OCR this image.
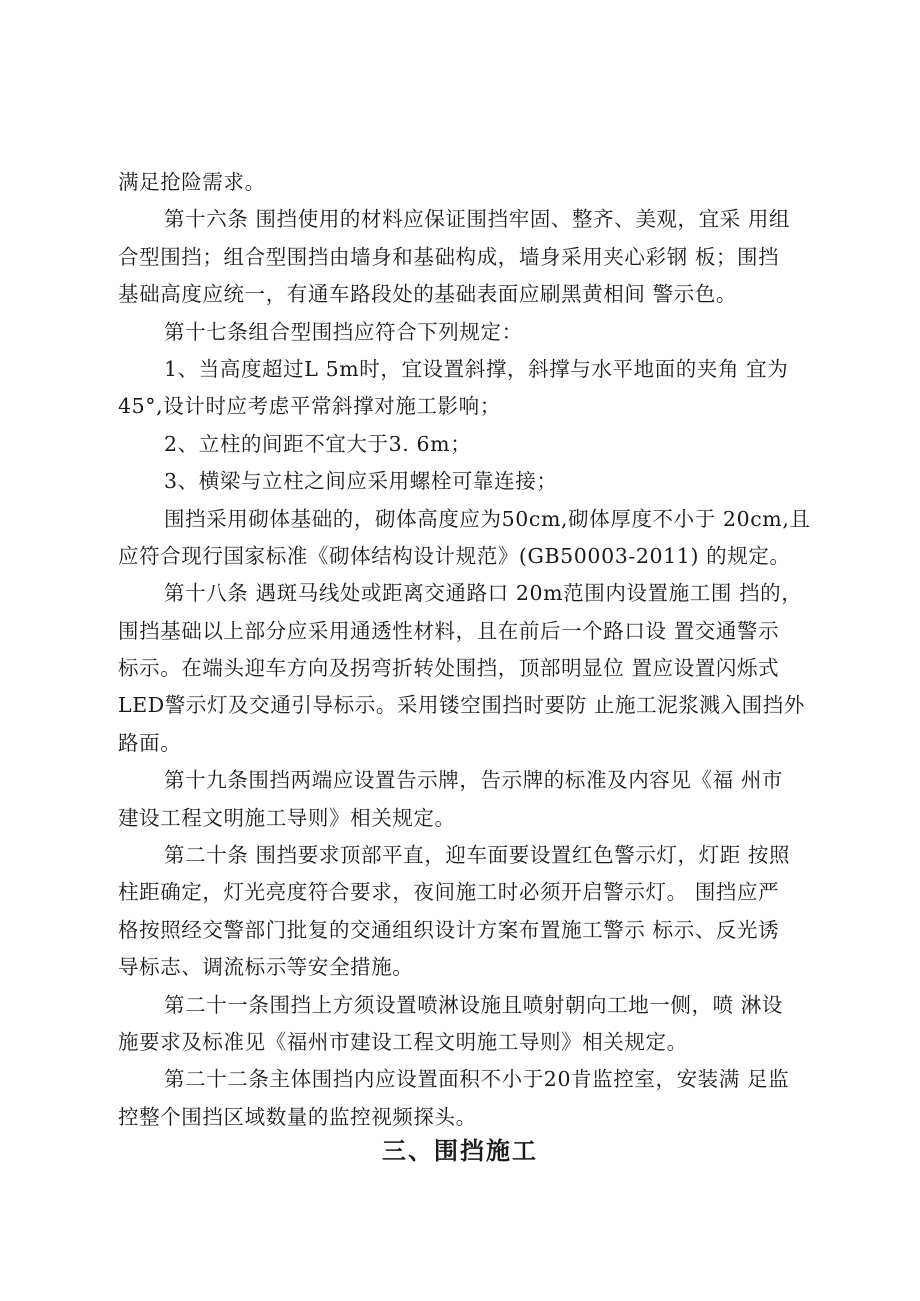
满足抢险需求。
第十六条 围挡使用的材料应保证围挡牢固、整齐、美观，宜采 用组
合型围挡；组合型围挡由墙身和基础构成，墙身采用夹心彩钢 板；围挡
基础高度应统一，有通车路段处的基础表面应刷黑黄相间 警示色。
第十七条组合型围挡应符合下列规定：
1、当高度超过L 5m时，宜设置斜撑，斜撑与水平地面的夹角 宜为
45°,设计时应考虑平常斜撑对施工影响；
2、立柱的间距不宜大于3. 6m；
3、横梁与立柱之间应采用螺栓可靠连接；
围挡采用砌体基础的，砌体高度应为50cm,砌体厚度不小于 20cm,且
应符合现行国家标准《砌体结构设计规范》(GB50003-2011) 的规定。
第十八条 遇斑马线处或距离交通路口 20m范围内设置施工围 挡的，
围挡基础以上部分应采用通透性材料，且在前后一个路口设 置交通警示
标示。在端头迎车方向及拐弯折转处围挡，顶部明显位 置应设置闪烁式
LED警示灯及交通引导标示。采用镂空围挡时要防 止施工泥浆溅入围挡外
路面。
第十九条围挡两端应设置告示牌，告示牌的标准及内容见《福 州市
建设工程文明施工导则》相关规定。
第二十条 围挡要求顶部平直，迎车面要设置红色警示灯，灯距 按照
柱距确定，灯光亮度符合要求，夜间施工时必须开启警示灯。 围挡应严
格按照经交警部门批复的交通组织设计方案布置施工警示 标示、反光诱
导标志、调流标示等安全措施。
第二十一条围挡上方须设置喷淋设施且喷射朝向工地一侧，喷 淋设
施要求及标准见《福州市建设工程文明施工导则》相关规定。
第二十二条主体围挡内应设置面积不小于20肯监控室，安装满 足监
控整个围挡区域数量的监控视频探头。
三、围挡施工
